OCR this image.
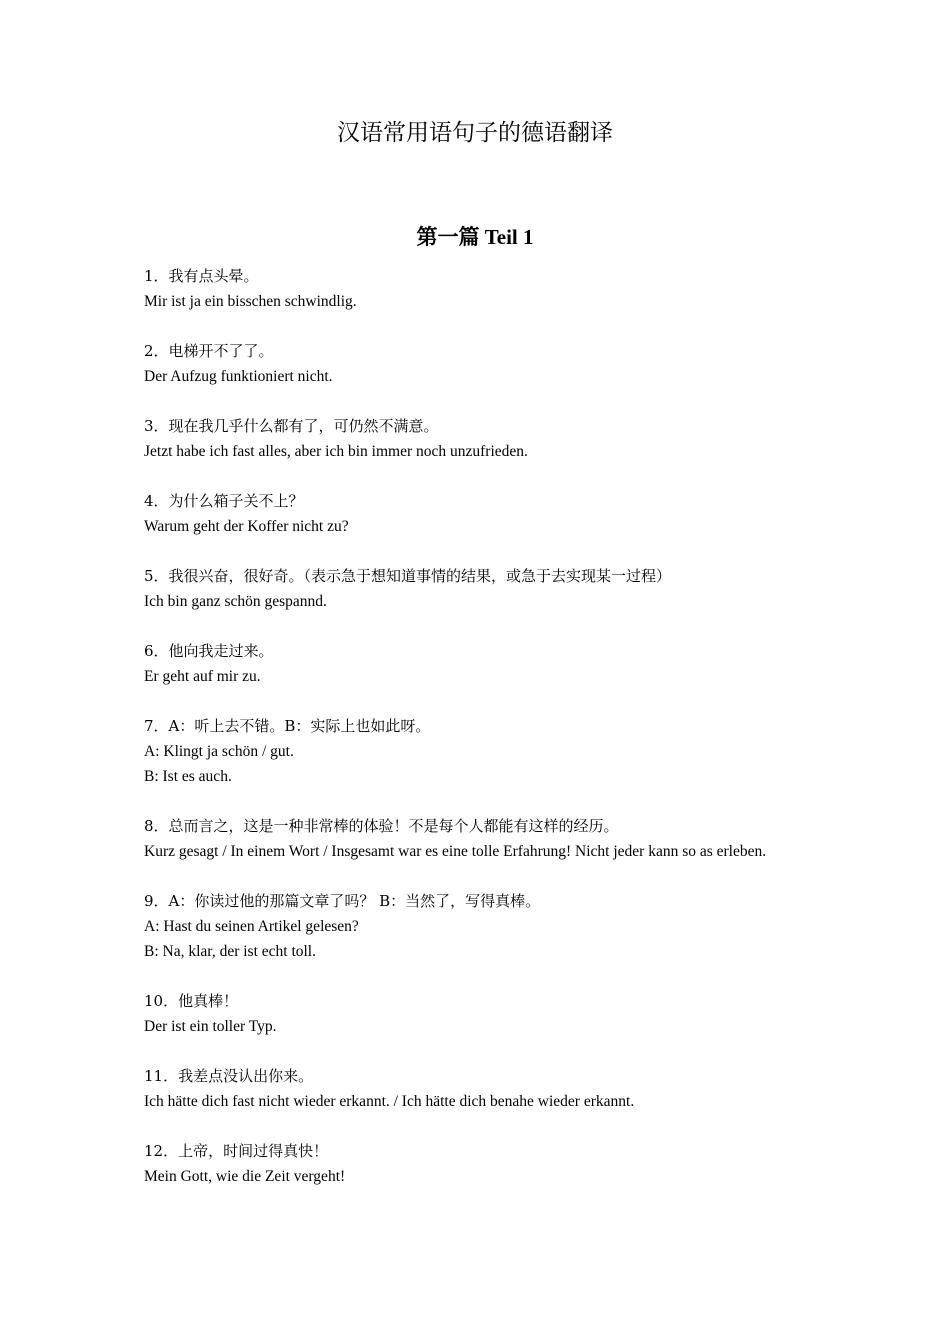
汉语常用语句子的德语翻译
第一篇 Teil 1
1．我有点头晕。
Mir ist ja ein bisschen schwindlig.
2．电梯开不了了。
Der Aufzug funktioniert nicht.
3．现在我几乎什么都有了，可仍然不满意。
Jetzt habe ich fast alles, aber ich bin immer noch unzufrieden.
4．为什么箱子关不上？
Warum geht der Koffer nicht zu?
5．我很兴奋，很好奇。（表示急于想知道事情的结果，或急于去实现某一过程）
Ich bin ganz schön gespannd.
6．他向我走过来。
Er geht auf mir zu.
7．A：听上去不错。B：实际上也如此呀。
A: Klingt ja schön / gut.
B: Ist es auch.
8．总而言之，这是一种非常棒的体验！不是每个人都能有这样的经历。
Kurz gesagt / In einem Wort / Insgesamt war es eine tolle Erfahrung! Nicht jeder kann so as erleben.
9．A：你读过他的那篇文章了吗？ B：当然了，写得真棒。
A: Hast du seinen Artikel gelesen?
B: Na, klar, der ist echt toll.
10．他真棒！
Der ist ein toller Typ.
11．我差点没认出你来。
Ich hätte dich fast nicht wieder erkannt. / Ich hätte dich benahe wieder erkannt.
12．上帝，时间过得真快！
Mein Gott, wie die Zeit vergeht!
